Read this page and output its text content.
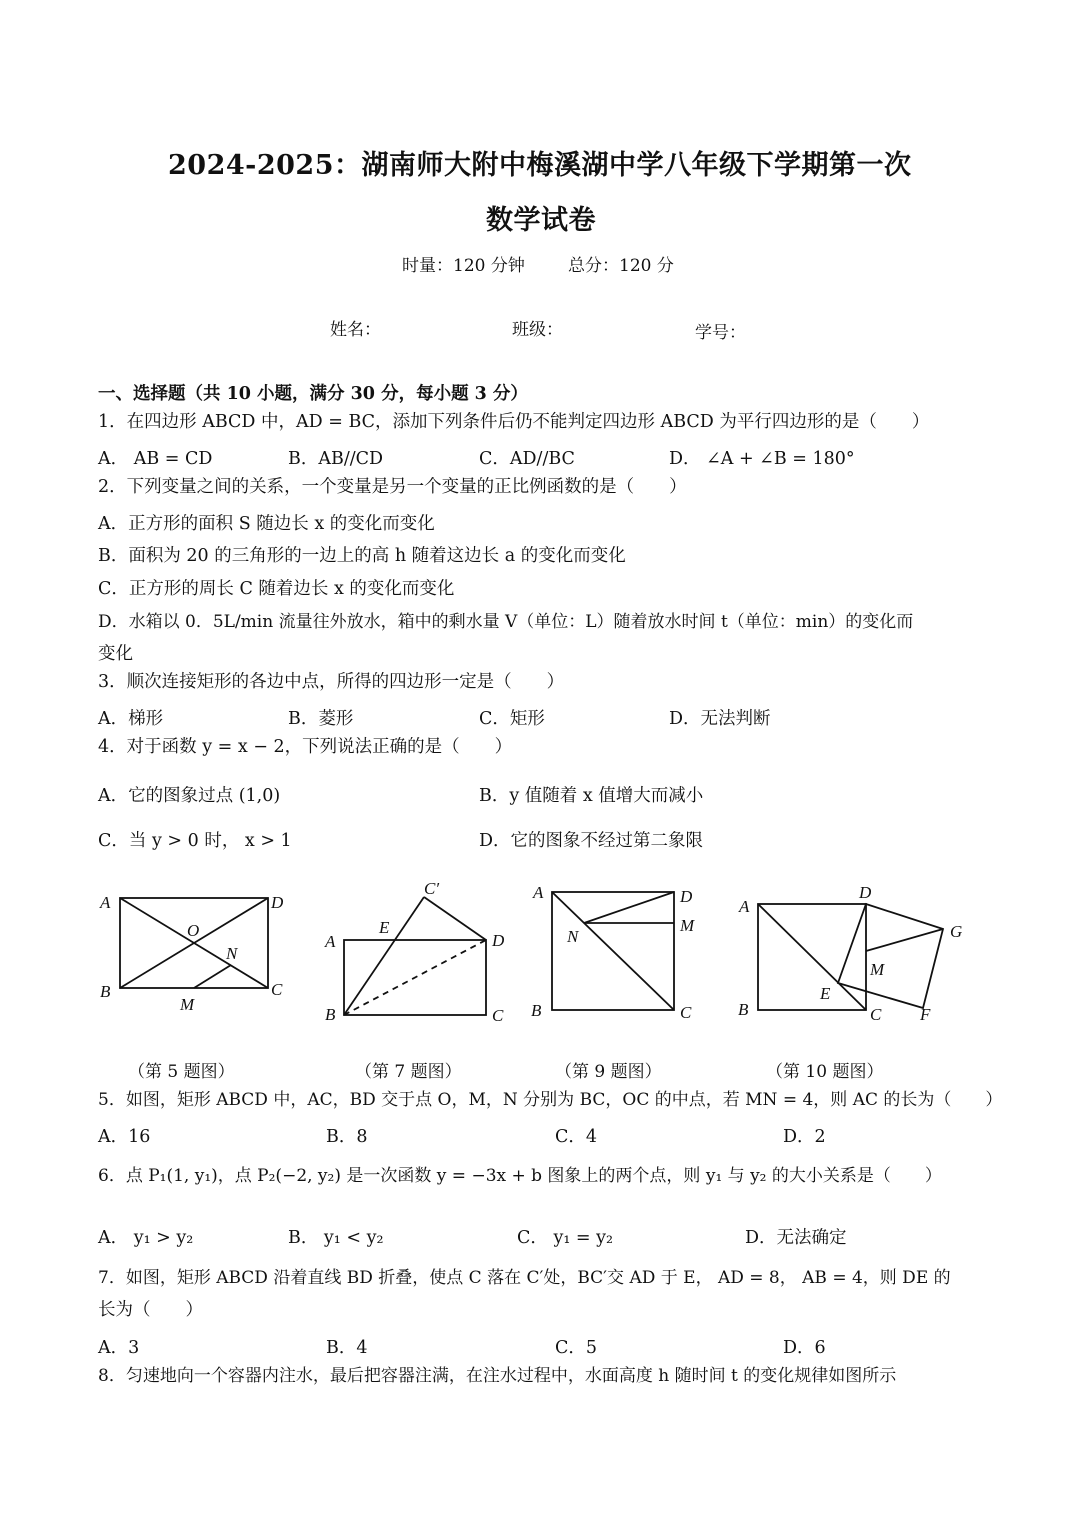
2024-2025：湖南师大附中梅溪湖中学八年级下学期第一次
数学试卷
时量：120 分钟	总分：120 分
姓名：	班级：	学号：
一、选择题（共 10 小题，满分 30 分，每小题 3 分）
1．在四边形 ABCD 中，AD = BC，添加下列条件后仍不能判定四边形 ABCD 为平行四边形的是（　　）
A． AB = CD	B．AB//CD	C．AD//BC	D． ∠A + ∠B = 180°
2．下列变量之间的关系，一个变量是另一个变量的正比例函数的是（　　）
A．正方形的面积 S 随边长 x 的变化而变化
B．面积为 20 的三角形的一边上的高 h 随着这边长 a 的变化而变化
C．正方形的周长 C 随着边长 x 的变化而变化
D．水箱以 0．5L/min 流量往外放水，箱中的剩水量 V（单位：L）随着放水时间 t（单位：min）的变化而
变化
3．顺次连接矩形的各边中点，所得的四边形一定是（　　）
A．梯形	B．菱形	C．矩形	D．无法判断
4．对于函数 y = x − 2，下列说法正确的是（　　）
A．它的图象过点 (1,0)	B．y 值随着 x 值增大而减小
C．当 y > 0 时， x > 1	D．它的图象不经过第二象限
A	D
B	C
O
N
M
C′
E
A	D
B	C
A	D
M
N
B	C
D
A
G
M
E
B	C F
（第 5 题图）	（第 7 题图）	（第 9 题图）	（第 10 题图）
5．如图，矩形 ABCD 中，AC，BD 交于点 O，M，N 分别为 BC，OC 的中点，若 MN = 4，则 AC 的长为（　　）
A．16	B．8	C．4	D．2
6．点 P₁(1, y₁)，点 P₂(−2, y₂) 是一次函数 y = −3x + b 图象上的两个点，则 y₁ 与 y₂ 的大小关系是（　　）
A． y₁ > y₂	B． y₁ < y₂	C． y₁ = y₂	D．无法确定
7．如图，矩形 ABCD 沿着直线 BD 折叠，使点 C 落在 C′处，BC′交 AD 于 E， AD = 8， AB = 4，则 DE 的
长为（　　）
A．3	B．4	C．5	D．6
8．匀速地向一个容器内注水，最后把容器注满，在注水过程中，水面高度 h 随时间 t 的变化规律如图所示
